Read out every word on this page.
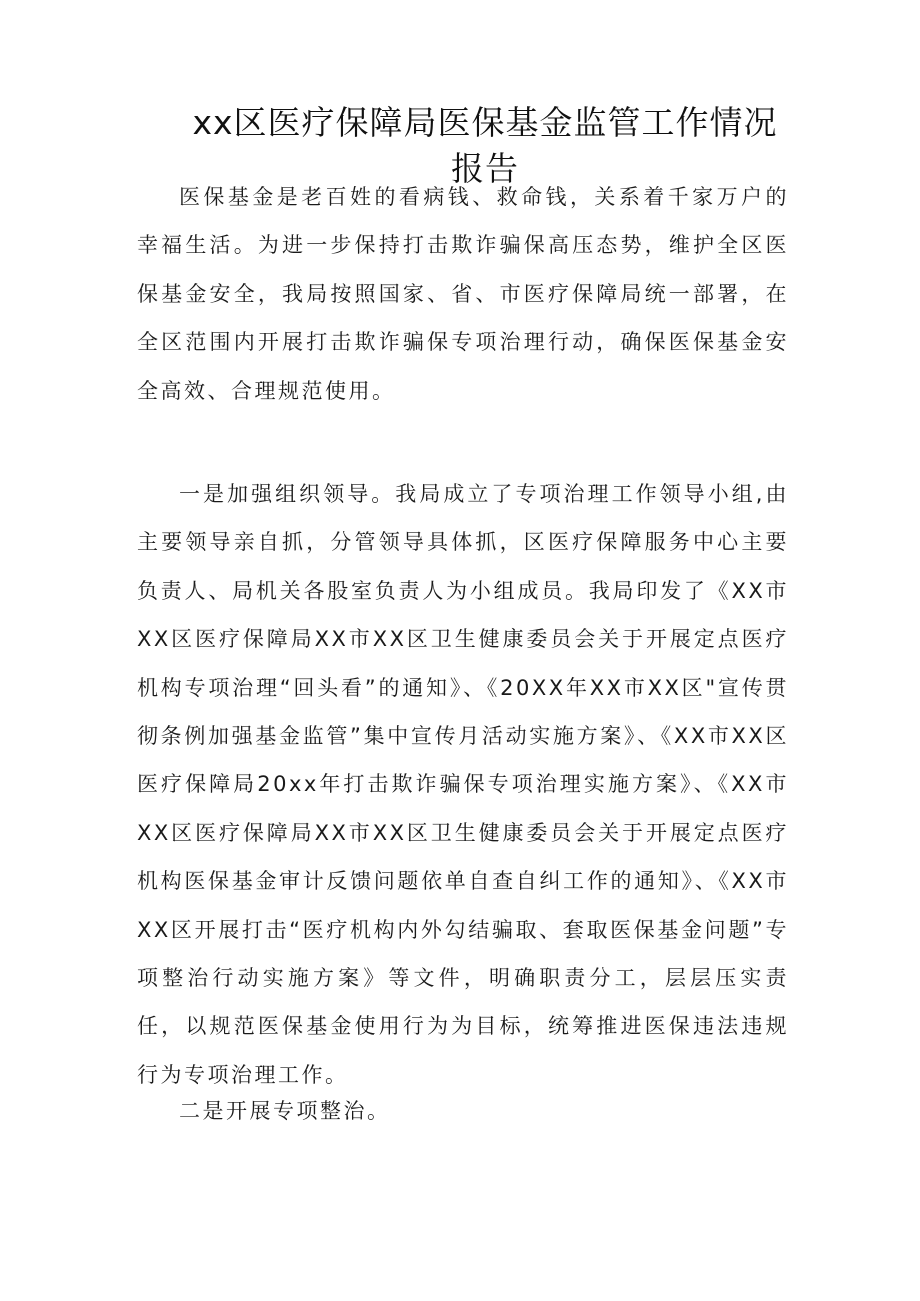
xx区医疗保障局医保基金监管工作情况报告

医保基金是老百姓的看病钱、救命钱，关系着千家万户的幸福生活。为进一步保持打击欺诈骗保高压态势，维护全区医保基金安全，我局按照国家、省、市医疗保障局统一部署，在全区范围内开展打击欺诈骗保专项治理行动，确保医保基金安全高效、合理规范使用。

一是加强组织领导。我局成立了专项治理工作领导小组,由主要领导亲自抓，分管领导具体抓，区医疗保障服务中心主要负责人、局机关各股室负责人为小组成员。我局印发了《XX市XX区医疗保障局XX市XX区卫生健康委员会关于开展定点医疗机构专项治理“回头看”的通知》、《20XX年XX市XX区"宣传贯彻条例加强基金监管”集中宣传月活动实施方案》、《XX市XX区医疗保障局20xx年打击欺诈骗保专项治理实施方案》、《XX市XX区医疗保障局XX市XX区卫生健康委员会关于开展定点医疗机构医保基金审计反馈问题依单自查自纠工作的通知》、《XX市XX区开展打击“医疗机构内外勾结骗取、套取医保基金问题”专项整治行动实施方案》等文件，明确职责分工，层层压实责任，以规范医保基金使用行为为目标，统筹推进医保违法违规行为专项治理工作。

二是开展专项整治。
